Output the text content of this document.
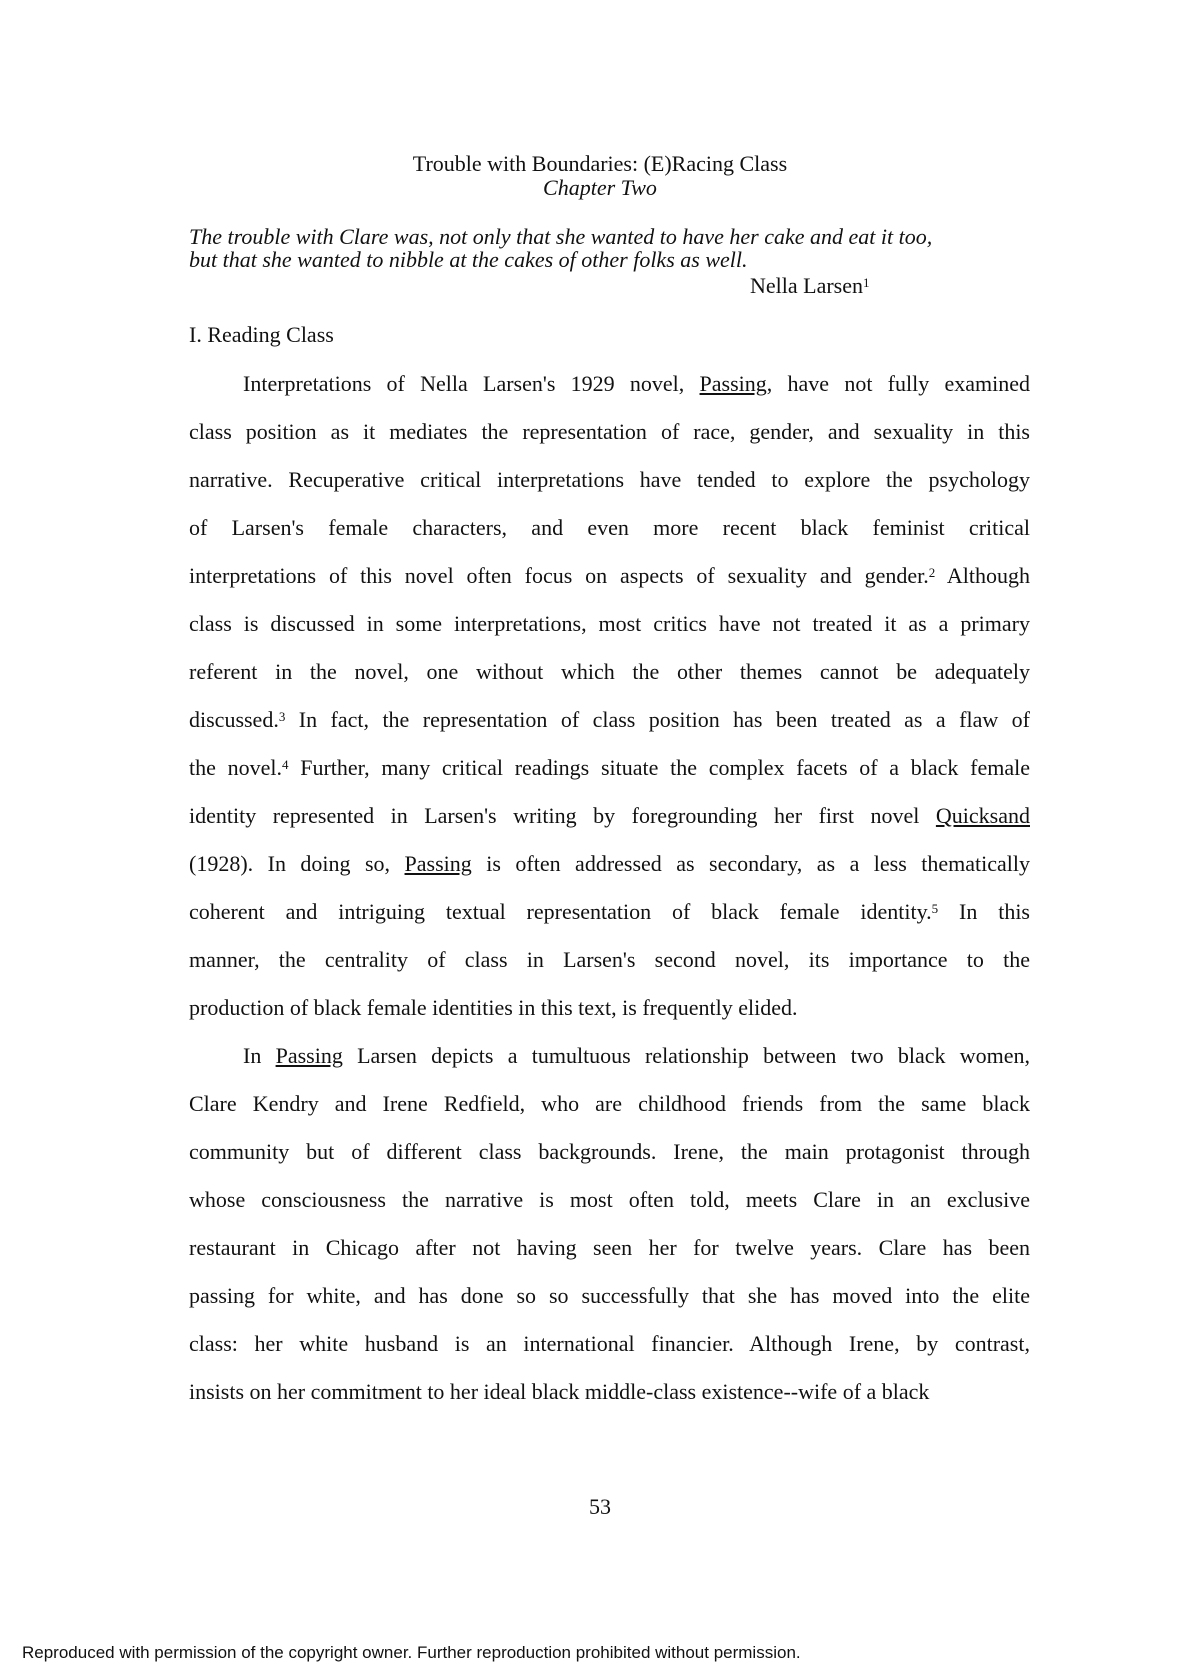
Trouble with Boundaries: (E)Racing Class
Chapter Two
The trouble with Clare was, not only that she wanted to have her cake and eat it too,
but that she wanted to nibble at the cakes of other folks as well.
Nella Larsen$^1$
I. Reading Class
Interpretations of Nella Larsen's 1929 novel, Passing, have not fully examined
class position as it mediates the representation of race, gender, and sexuality in this
narrative. Recuperative critical interpretations have tended to explore the psychology
of Larsen's female characters, and even more recent black feminist critical
interpretations of this novel often focus on aspects of sexuality and gender.$^2$ Although
class is discussed in some interpretations, most critics have not treated it as a primary
referent in the novel, one without which the other themes cannot be adequately
discussed.$^3$ In fact, the representation of class position has been treated as a flaw of
the novel.$^4$ Further, many critical readings situate the complex facets of a black female
identity represented in Larsen's writing by foregrounding her first novel Quicksand
(1928). In doing so, Passing is often addressed as secondary, as a less thematically
coherent and intriguing textual representation of black female identity.$^5$ In this
manner, the centrality of class in Larsen's second novel, its importance to the
production of black female identities in this text, is frequently elided.
In Passing Larsen depicts a tumultuous relationship between two black women,
Clare Kendry and Irene Redfield, who are childhood friends from the same black
community but of different class backgrounds. Irene, the main protagonist through
whose consciousness the narrative is most often told, meets Clare in an exclusive
restaurant in Chicago after not having seen her for twelve years. Clare has been
passing for white, and has done so so successfully that she has moved into the elite
class: her white husband is an international financier. Although Irene, by contrast,
insists on her commitment to her ideal black middle-class existence--wife of a black
53
Reproduced with permission of the copyright owner. Further reproduction prohibited without permission.
